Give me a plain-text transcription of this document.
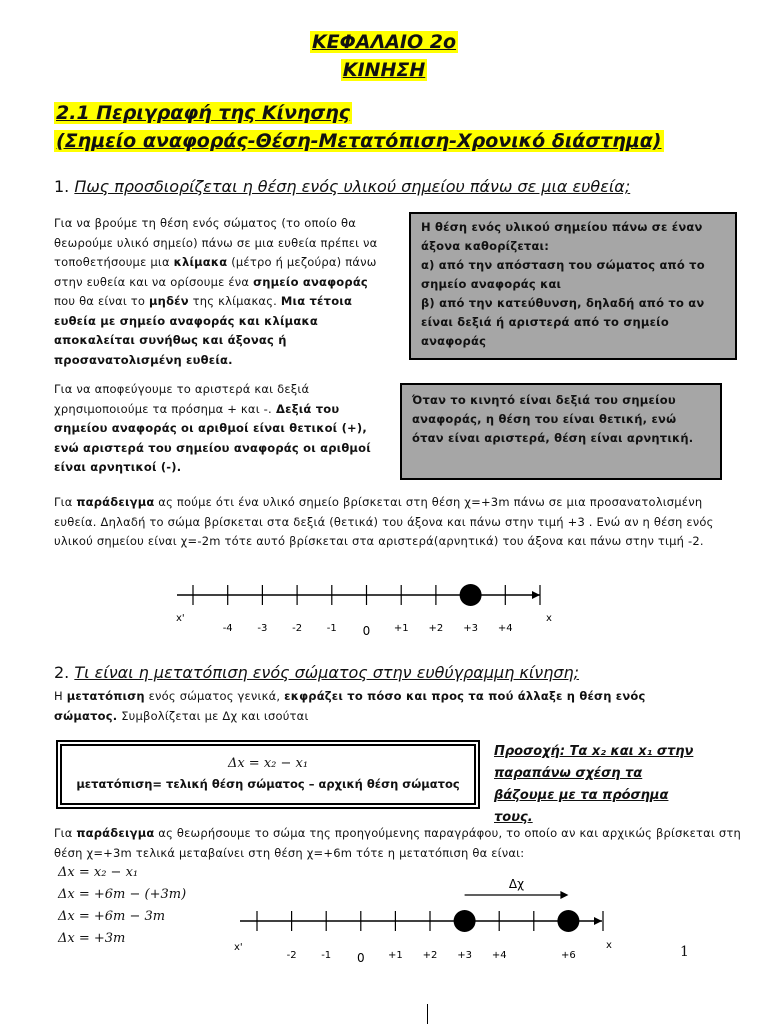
ΚΕΦΑΛΑΙΟ 2ο
ΚΙΝΗΣΗ
2.1 Περιγραφή της Κίνησης
(Σημείο αναφοράς-Θέση-Μετατόπιση-Χρονικό διάστημα)
1. Πως προσδιορίζεται η θέση ενός υλικού σημείου πάνω σε μια ευθεία;
Για να βρούμε τη θέση ενός σώματος (το οποίο θα θεωρούμε υλικό σημείο) πάνω σε μια ευθεία πρέπει να τοποθετήσουμε μια κλίμακα (μέτρο ή μεζούρα) πάνω στην ευθεία και να ορίσουμε ένα σημείο αναφοράς που θα είναι το μηδέν της κλίμακας. Μια τέτοια ευθεία με σημείο αναφοράς και κλίμακα αποκαλείται συνήθως και άξονας ή προσανατολισμένη ευθεία.

Η θέση ενός υλικού σημείου πάνω σε έναν άξονα καθορίζεται:

α) από την απόσταση του σώματος από το σημείο αναφοράς και

β) από την κατεύθυνση, δηλαδή από το αν είναι δεξιά ή αριστερά από το σημείο αναφοράς

Για να αποφεύγουμε το αριστερά και δεξιά χρησιμοποιούμε τα πρόσημα + και -. Δεξιά του σημείου αναφοράς οι αριθμοί είναι θετικοί (+), ενώ αριστερά του σημείου αναφοράς οι αριθμοί είναι αρνητικοί (-).

Όταν το κινητό είναι δεξιά του σημείου αναφοράς, η θέση του είναι θετική, ενώ όταν είναι αριστερά, θέση είναι αρνητική.

Για παράδειγμα ας πούμε ότι ένα υλικό σημείο βρίσκεται στη θέση χ=+3m πάνω σε μια προσανατολισμένη ευθεία. Δηλαδή το σώμα βρίσκεται στα δεξιά (θετικά) του άξονα και πάνω στην τιμή +3 . Ενώ αν η θέση ενός υλικού σημείου είναι χ=-2m τότε αυτό βρίσκεται στα αριστερά(αρνητικά) του άξονα και πάνω στην τιμή -2.
-4 -3 -2 -1 0 +1 +2 +3 +4
x'	x
2. Τι είναι η μετατόπιση ενός σώματος στην ευθύγραμμη κίνηση;
Η μετατόπιση ενός σώματος γενικά, εκφράζει το πόσο και προς τα πού άλλαξε η θέση ενός σώματος. Συμβολίζεται με Δχ και ισούται
Δx = x₂ − x₁
μετατόπιση= τελική θέση σώματος – αρχική θέση σώματος
Προσοχή: Τα x₂ και x₁ στην παραπάνω σχέση τα βάζουμε με τα πρόσημα τους.
Για παράδειγμα ας θεωρήσουμε το σώμα της προηγούμενης παραγράφου, το οποίο αν και αρχικώς βρίσκεται στη θέση χ=+3m τελικά μεταβαίνει στη θέση χ=+6m τότε η μετατόπιση θα είναι:
Δx = x₂ − x₁
Δx = +6m − (+3m)
Δx = +6m − 3m
Δx = +3m
-2 -1 0 +1 +2 +3 +4	+6
Δχ
x'	x	1
